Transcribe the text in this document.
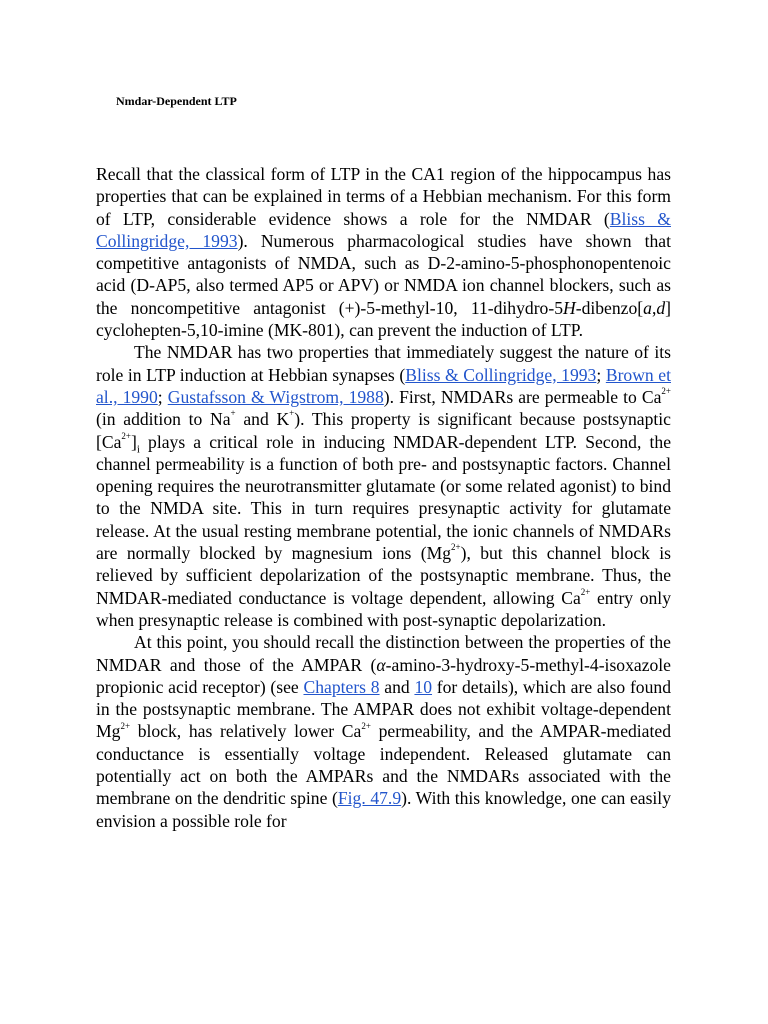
Nmdar-Dependent LTP

Recall that the classical form of LTP in the CA1 region of the hippocampus has properties that can be explained in terms of a Hebbian mechanism. For this form of LTP, considerable evidence shows a role for the NMDAR (Bliss & Collingridge, 1993). Numerous pharmacological studies have shown that competitive antagonists of NMDA, such as D-2-amino-5-phosphonopentenoic acid (D-AP5, also termed AP5 or APV) or NMDA ion channel blockers, such as the noncompetitive antagonist (+)-5-methyl-10, 11-dihydro-5H-dibenzo[a,d] cyclohepten-5,10-imine (MK-801), can prevent the induction of LTP.

The NMDAR has two properties that immediately suggest the nature of its role in LTP induction at Hebbian synapses (Bliss & Collingridge, 1993; Brown et al., 1990; Gustafsson & Wigstrom, 1988). First, NMDARs are permeable to $Ca^{2+}$ (in addition to Na+ and K+). This property is significant because postsynaptic $[Ca^{2+}]_i$ plays a critical role in inducing NMDAR-dependent LTP. Second, the channel permeability is a function of both pre- and postsynaptic factors. Channel opening requires the neurotransmitter glutamate (or some related agonist) to bind to the NMDA site. This in turn requires presynaptic activity for glutamate release. At the usual resting membrane potential, the ionic channels of NMDARs are normally blocked by magnesium ions $(Mg^{2+})$, but this channel block is relieved by sufficient depolarization of the postsynaptic membrane. Thus, the NMDAR-mediated conductance is voltage dependent, allowing $Ca^{2+}$ entry only when presynaptic release is combined with post-synaptic depolarization.

At this point, you should recall the distinction between the properties of the NMDAR and those of the AMPAR (α-amino-3-hydroxy-5-methyl-4-isoxazole propionic acid receptor) (see Chapters 8 and 10 for details), which are also found in the postsynaptic membrane. The AMPAR does not exhibit voltage-dependent $Mg^{2+}$ block, has relatively lower $Ca^{2+}$ permeability, and the AMPAR-mediated conductance is essentially voltage independent. Released glutamate can potentially act on both the AMPARs and the NMDARs associated with the membrane on the dendritic spine (Fig. 47.9). With this knowledge, one can easily envision a possible role for
